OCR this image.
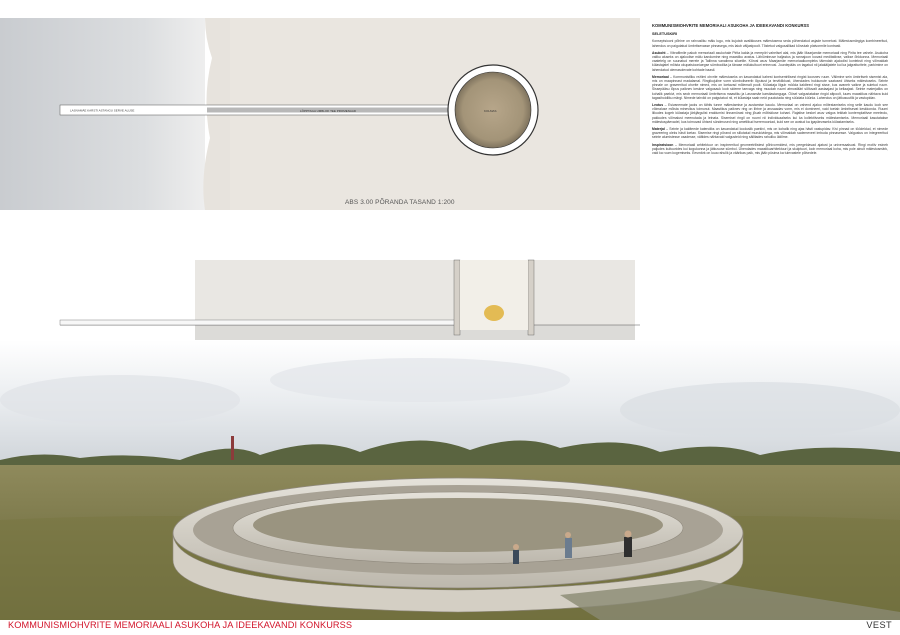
LASNAMÄE KARSTI ASTANGU SERVE ALUSE	LÕPPTAGA UMBLOK TEE PROMENAAD	KOLMAS
ABS 3.00 PÕRANDA TASAND 1:200
KOMMUNISMIOHVRITE MEMORIAALI ASUKOHA JA IDEEKAVANDI KONKURSS
SELETUSKIRI

Konseptsiooni põhine on rahvusliku mälu lugu, mis kujutab avalikkuses mälestusena seda pühendatud asjade tunnetust. Mälestusmärgiga kombineeritud, lahendus on paigutatud ümbritsevasse pinnasega, mis laiub väljastpoolt. Tõstetud valgusallikad kõrvutab platvormile kontrasti.

Asukoht – Vibrafilmile pakub memoriaali asukohale Pirita kalda ja merepiiri vahelisel alal, mis jääb Maarjamäe memoriaali ning Pirita tee vahele. Asukoha valiku aluseks on ajaloolise mälu kandumine ning maastiku avatus. Lähiümbruse haljastus ja rannajoon loovad meditatiivse, vaikse õhkkonna. Memoriaali vaatetelg on suunatud merele ja Tallinna vanalinna siluetile. Kõrval asuv Maarjamäe memoriaalkompleks täiendab ajaloolist konteksti ning võimaldab külastajatel mõista okupatsiooniaegse sümboolika ja tänase mälukultuuri erinevusi. Juurdepääs on tagatud nii jalakäijatele kui ka jalgratturitele, parkimine on lahendatud olemasolevate kohtade baasil.

Memoriaal – Kommunistliku režiimi ohvrite mälestuseks on kavandatud kahest kontsentrilisest ringist koosnev ruum. Välimine sein ümbritseb sisemist ala, mis on maapinnast madalamal. Ringikujuline vorm sümboliseerib lõputust ja terviklikkust, ühendades hukkunute saatused ühiseks mälestuseks. Seinte pinnale on graveeritud ohvrite nimed, mis on loetavad mõlemalt poolt. Külastaja liigub mööda kaldteed ringi sisse, kus avaneb vaikne ja suletud ruum. Sissepääsu lõpus paiknev keskne valgusauk loob sideme taevaga ning muudab ruumi atmosfääri sõltuvalt aastaajast ja kellaajast. Seinte materjaliks on kohalik paekivi, mis seob memoriaali ümbritseva maastiku ja Lasnamäe karstiastanguga. Öösel valgustatakse ringid altpoolt, luues maastikus nähtava kuid tagasihoidliku märgi. Nimede tahvlid on paigutatud nii, et külastaja saab neid puudutada ning süüdata küünla. Lahendus on jätkusuutlik ja vastupidav.

Leotus – Esivanemate jaoks on tähtis tunne mälestamise ja austamise kaudu. Memoriaal on vahend ajaloo mõtestamiseks ning selle kaudu loob see võimaluse mõista minevikus toimunut. Maastikus paiknev ring on lihtne ja arusaadav vorm, mis ei domineeri, vaid toetab ümbritsevat keskkonda. Ruumi liikudes kogeb külastaja järkjärgulist eraldumist linnamürast ning jõuab mõtiskluse kohani. Rajatise keskel asuv valgus tekitab kontemplatiivse meeleolu, pakkudes võimalust meenutada ja leinata. Sisemisel ringil on ruumi nii individuaalseks kui ka kollektiivseks mälestamiseks. Memoriaali kasutatakse mälestuspäevadel, kus toimuvad ühised sündmused ning ametlikud tseremooniad, kuid see on avatud ka igapäevaseks külastamiseks.

Materjal – Seinte ja kaldteede katendiks on kavandatud looduslik paekivi, mis on kohalik ning ajas hästi vastupidav. Kivi pinnad on töödeldud, et nimede graveering oleks hästi loetav. Sisemise ringi põrand on sillutatud murukividega, mis võimaldab sademeveel imbuda pinnasesse. Valgustus on integreeritud seinte alumistesse osadesse, vältides nähtavaid valgusteid ning säilitades rahuliku üldilme.

Inspiratsioon – Memoriaali arhitektuur on inspireeritud geomeetrilistest põhivormidest, mis peegeldavad ajatust ja universaalsust. Ringi motiiv esineb paljudes kultuurides kui kogukonna ja jätkuvuse sümbol. Ühendades maastikuarhitektuuri ja skulptuuri, loob memoriaal koha, mis pole ainult mälestusmärk, vaid ka ruum kogemiseks. Eesmärk on luua rahulik ja väärikas paik, mis jääb püsima ka tulevastele põlvedele.

KOMMUNISMIOHVRITE MEMORIAALI ASUKOHA JA IDEEKAVANDI KONKURSS	VEST
